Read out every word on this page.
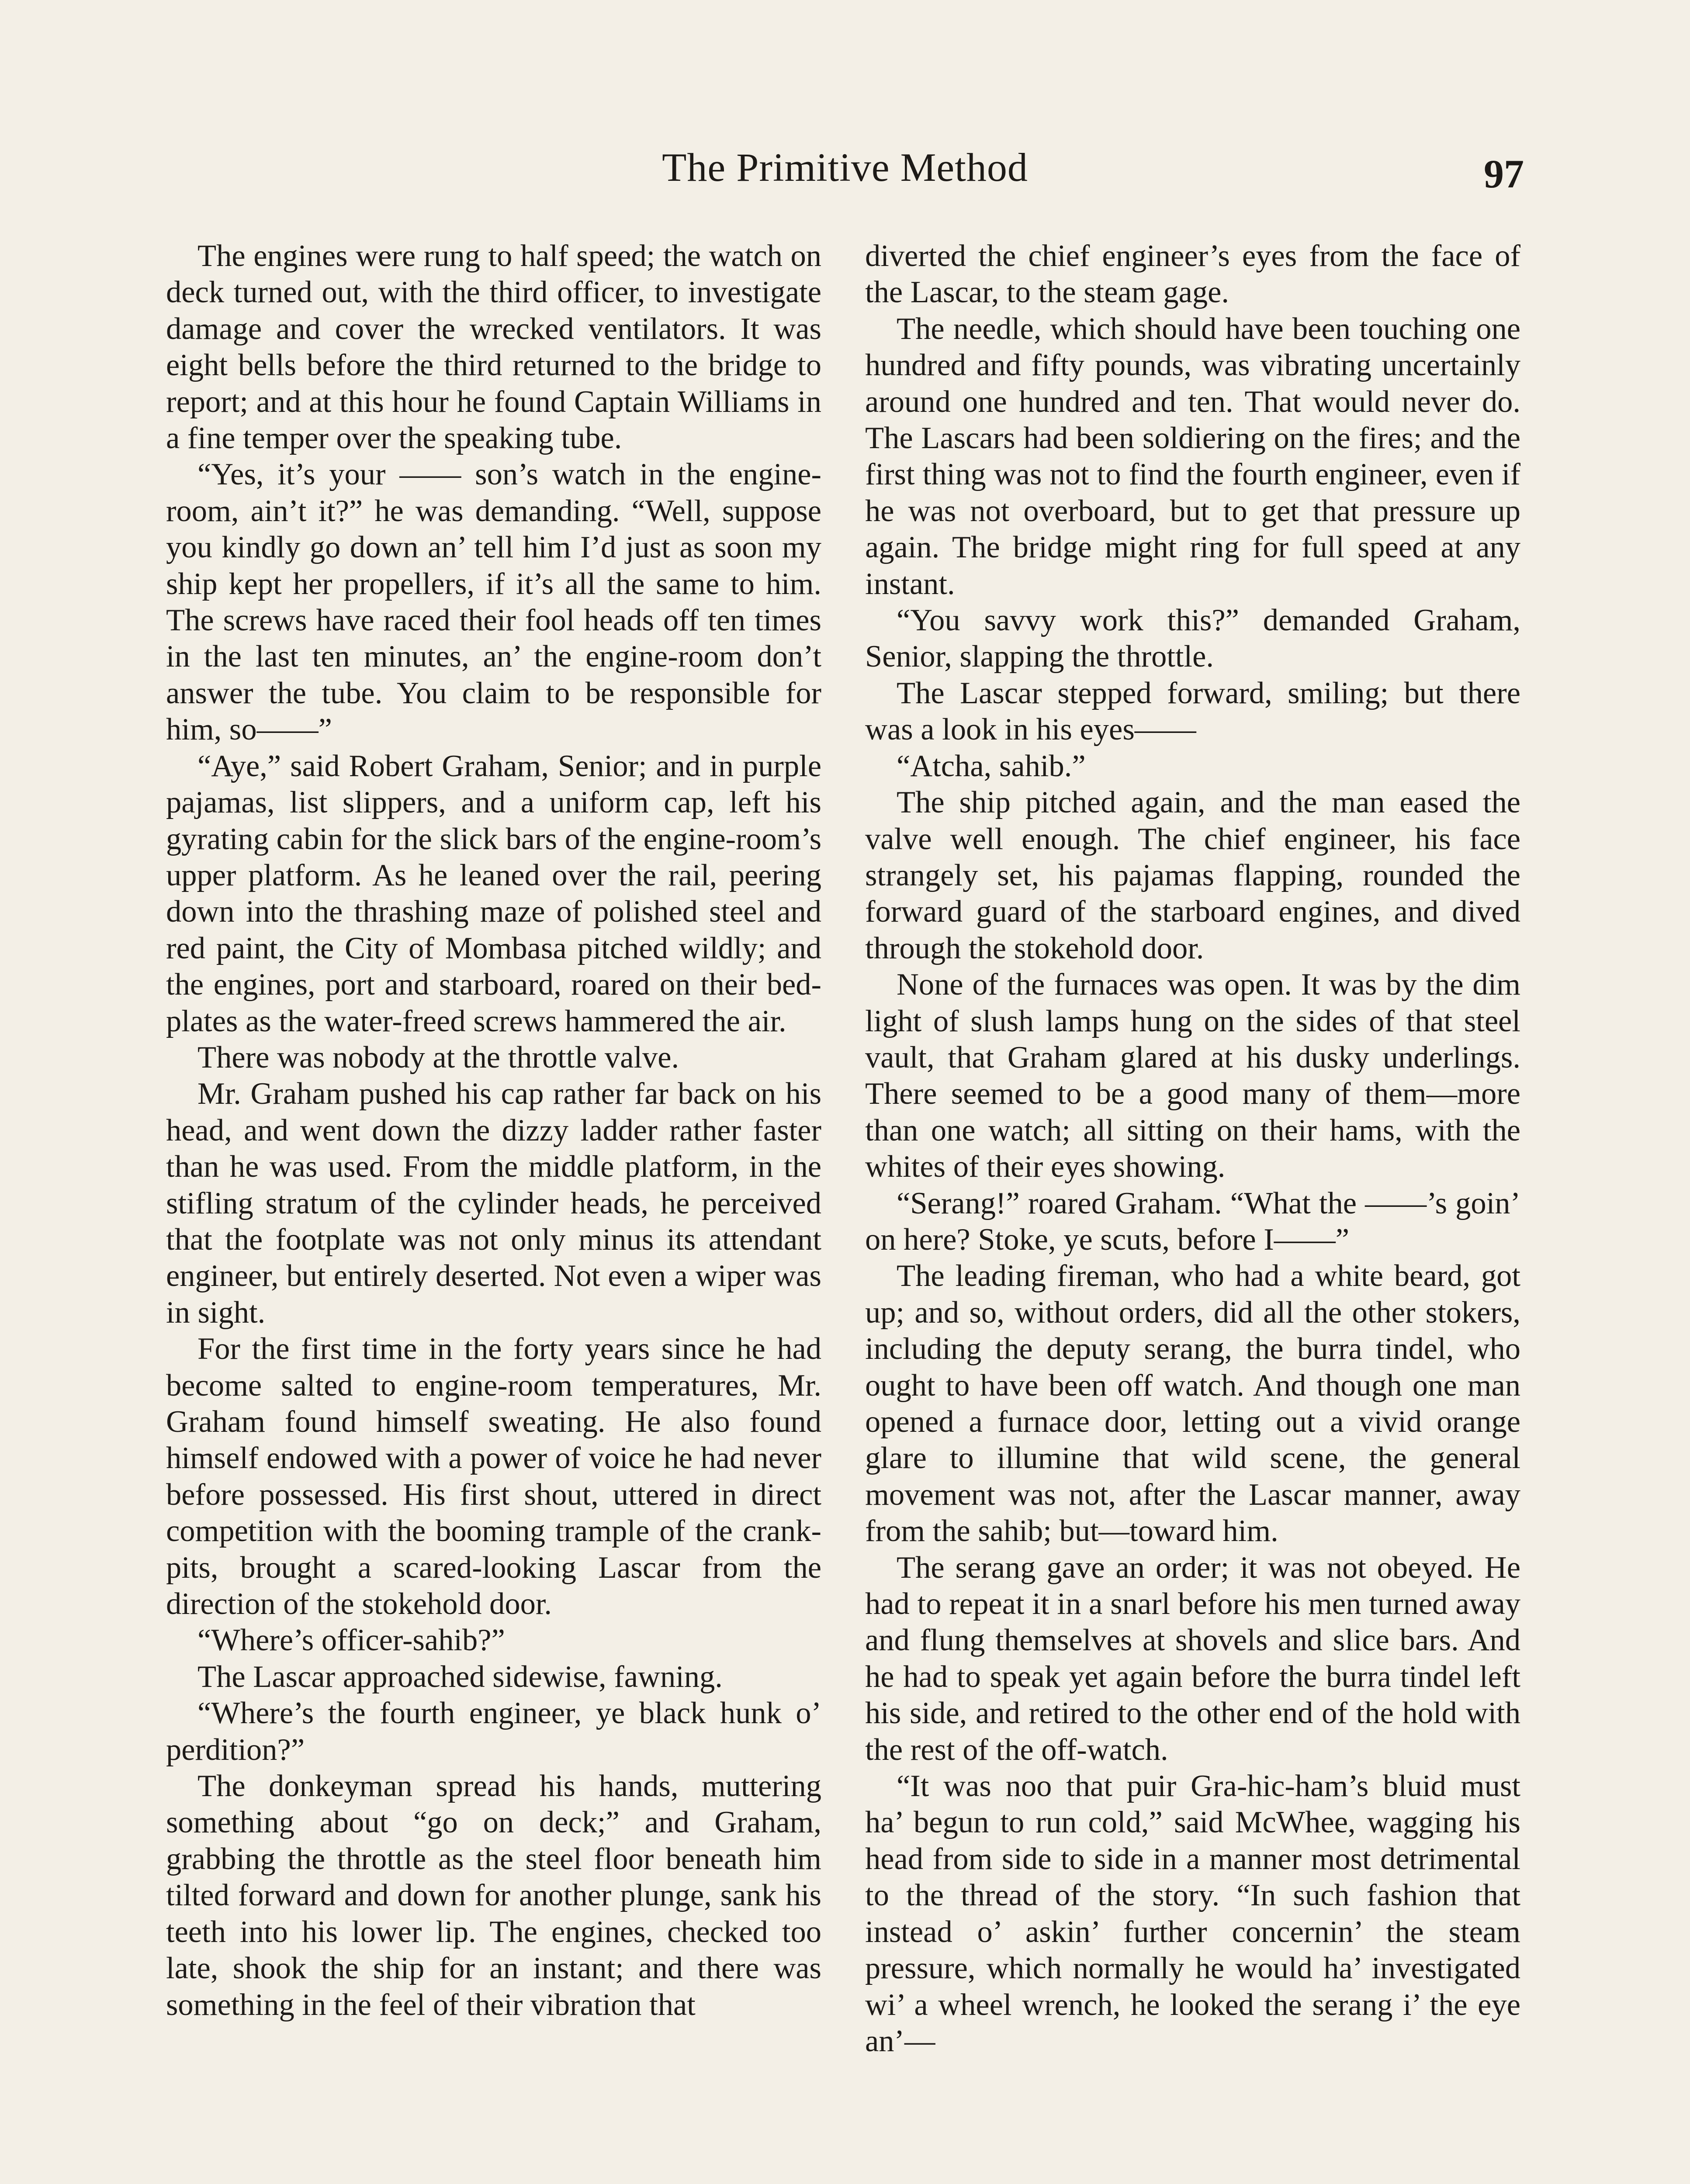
The Primitive Method	97

The engines were rung to half speed; the watch on deck turned out, with the third officer, to investigate damage and cover the wrecked ventilators. It was eight bells before the third returned to the bridge to report; and at this hour he found Captain Williams in a fine temper over the speaking tube.

“Yes, it’s your —— son’s watch in the engine-room, ain’t it?” he was demanding. “Well, suppose you kindly go down an’ tell him I’d just as soon my ship kept her propellers, if it’s all the same to him. The screws have raced their fool heads off ten times in the last ten minutes, an’ the engine-room don’t answer the tube. You claim to be responsible for him, so——”

“Aye,” said Robert Graham, Senior; and in purple pajamas, list slippers, and a uniform cap, left his gyrating cabin for the slick bars of the engine-room’s upper platform. As he leaned over the rail, peering down into the thrashing maze of polished steel and red paint, the City of Mombasa pitched wildly; and the engines, port and starboard, roared on their bed-plates as the water-freed screws hammered the air.

There was nobody at the throttle valve.

Mr. Graham pushed his cap rather far back on his head, and went down the dizzy ladder rather faster than he was used. From the middle platform, in the stifling stratum of the cylinder heads, he perceived that the footplate was not only minus its attendant engineer, but entirely deserted. Not even a wiper was in sight.

For the first time in the forty years since he had become salted to engine-room temperatures, Mr. Graham found himself sweating. He also found himself endowed with a power of voice he had never before possessed. His first shout, uttered in direct competition with the booming trample of the crank-pits, brought a scared-looking Lascar from the direction of the stokehold door.

“Where’s officer-sahib?”

The Lascar approached sidewise, fawning.

“Where’s the fourth engineer, ye black hunk o’ perdition?”

The donkeyman spread his hands, muttering something about “go on deck;” and Graham, grabbing the throttle as the steel floor beneath him tilted forward and down for another plunge, sank his teeth into his lower lip. The engines, checked too late, shook the ship for an instant; and there was something in the feel of their vibration that

diverted the chief engineer’s eyes from the face of the Lascar, to the steam gage.

The needle, which should have been touching one hundred and fifty pounds, was vibrating uncertainly around one hundred and ten. That would never do. The Lascars had been soldiering on the fires; and the first thing was not to find the fourth engineer, even if he was not overboard, but to get that pressure up again. The bridge might ring for full speed at any instant.

“You savvy work this?” demanded Graham, Senior, slapping the throttle.

The Lascar stepped forward, smiling; but there was a look in his eyes——

“Atcha, sahib.”

The ship pitched again, and the man eased the valve well enough. The chief engineer, his face strangely set, his pajamas flapping, rounded the forward guard of the starboard engines, and dived through the stokehold door.

None of the furnaces was open. It was by the dim light of slush lamps hung on the sides of that steel vault, that Graham glared at his dusky underlings. There seemed to be a good many of them—more than one watch; all sitting on their hams, with the whites of their eyes showing.

“Serang!” roared Graham. “What the ——’s goin’ on here? Stoke, ye scuts, before I——”

The leading fireman, who had a white beard, got up; and so, without orders, did all the other stokers, including the deputy serang, the burra tindel, who ought to have been off watch. And though one man opened a furnace door, letting out a vivid orange glare to illumine that wild scene, the general movement was not, after the Lascar manner, away from the sahib; but—toward him.

The serang gave an order; it was not obeyed. He had to repeat it in a snarl before his men turned away and flung themselves at shovels and slice bars. And he had to speak yet again before the burra tindel left his side, and retired to the other end of the hold with the rest of the off-watch.

“It was noo that puir Gra-hic-ham’s bluid must ha’ begun to run cold,” said McWhee, wagging his head from side to side in a manner most detrimental to the thread of the story. “In such fashion that instead o’ askin’ further concernin’ the steam pressure, which normally he would ha’ investigated wi’ a wheel wrench, he looked the serang i’ the eye an’—
